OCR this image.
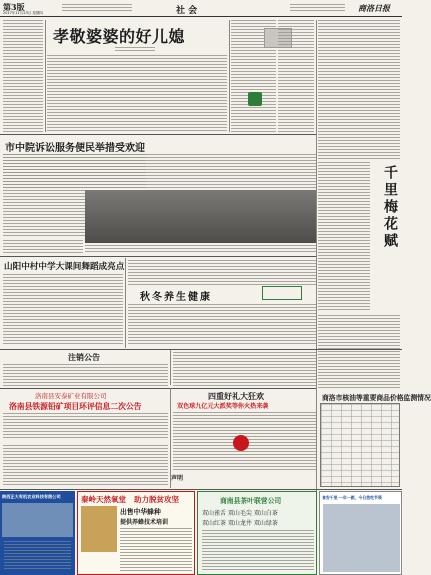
第3版
2017年11月23日 星期四	社 会	商洛日报
孝敬婆婆的好儿媳
千里梅花赋
市中院诉讼服务便民举措受欢迎
山阳中村中学大课间舞蹈成亮点
秋冬养生健康
注销公告
洛南县安泰矿业有限公司
洛南县铁源铅矿项目环评信息二次公告
四重好礼大狂欢
双色球九亿元大派奖等你火热来袭
声明
商洛市核油等重要商品价格监测情况
陕西正大有机农业科技有限公司	秦岭天然氧堂 助力脱贫攻坚
出售中华蜂种
提供养蜂技术培训
商南县茶叶联营公司
双山雀舌 双山毛尖 双山白茶
双山红茶 双山龙井 双山绿茶
食安千里·一年一跟，今日您吃节筷
